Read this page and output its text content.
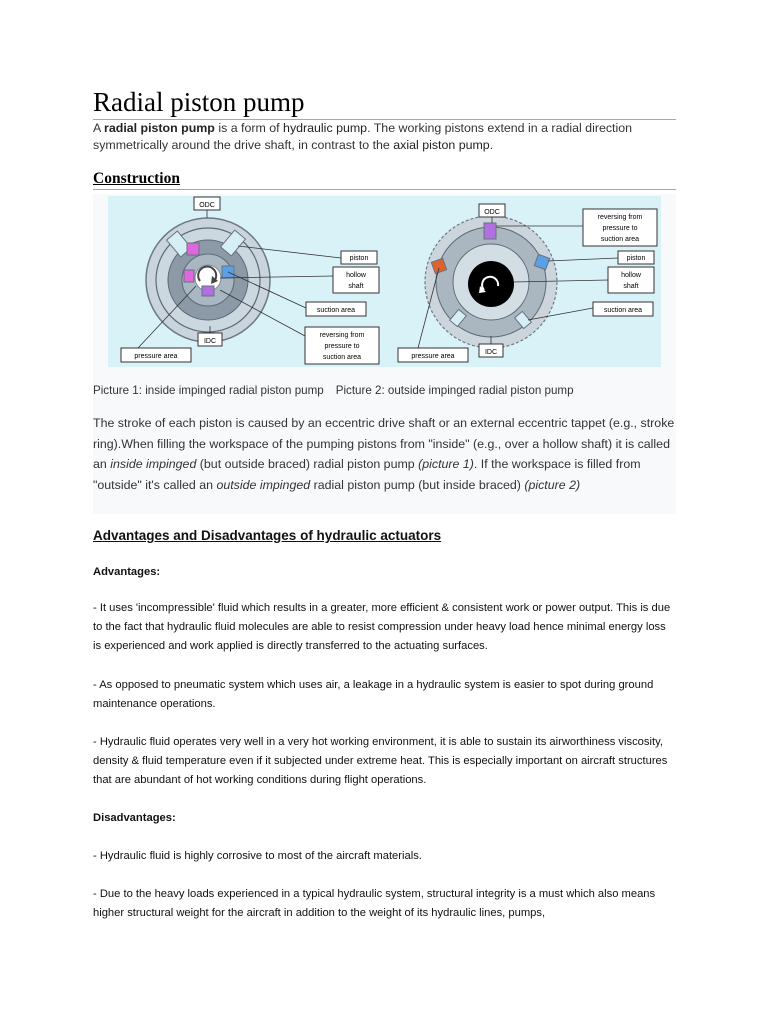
Radial piston pump

A radial piston pump is a form of hydraulic pump. The working pistons extend in a radial direction symmetrically around the drive shaft, in contrast to the axial piston pump.

Construction
ODC
IDC
piston
hollow
shaft
suction area
reversing from
pressure to
suction area
pressure area
ODC
reversing from
pressure to
suction area
piston
hollow
shaft
suction area
pressure area
IDC
Picture 1: inside impinged radial piston pump Picture 2: outside impinged radial piston pump

The stroke of each piston is caused by an eccentric drive shaft or an external eccentric tappet (e.g., stroke ring).When filling the workspace of the pumping pistons from "inside" (e.g., over a hollow shaft) it is called an inside impinged (but outside braced) radial piston pump (picture 1). If the workspace is filled from "outside" it's called an outside impinged radial piston pump (but inside braced) (picture 2)

Advantages and Disadvantages of hydraulic actuators
Advantages:
- It uses 'incompressible' fluid which results in a greater, more efficient & consistent work or power output. This is due to the fact that hydraulic fluid molecules are able to resist compression under heavy load hence minimal energy loss is experienced and work applied is directly transferred to the actuating surfaces.
- As opposed to pneumatic system which uses air, a leakage in a hydraulic system is easier to spot during ground maintenance operations.
- Hydraulic fluid operates very well in a very hot working environment, it is able to sustain its airworthiness viscosity, density & fluid temperature even if it subjected under extreme heat. This is especially important on aircraft structures that are abundant of hot working conditions during flight operations.
Disadvantages:
- Hydraulic fluid is highly corrosive to most of the aircraft materials.
- Due to the heavy loads experienced in a typical hydraulic system, structural integrity is a must which also means higher structural weight for the aircraft in addition to the weight of its hydraulic lines, pumps,
